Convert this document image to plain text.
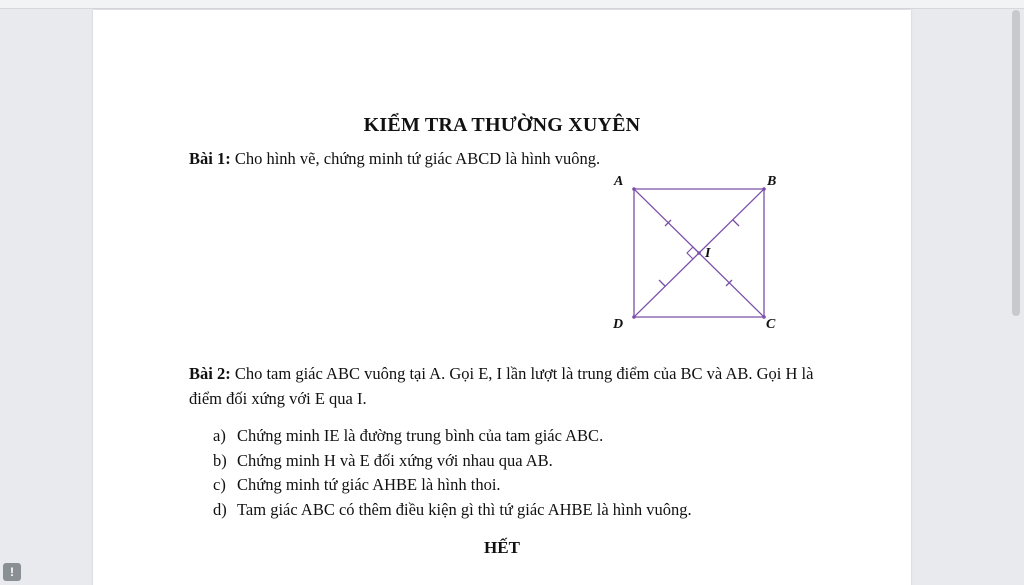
KIỂM TRA THƯỜNG XUYÊN
Bài 1: Cho hình vẽ, chứng minh tứ giác ABCD là hình vuông.
A	B
C
D
I
Bài 2: Cho tam giác ABC vuông tại A. Gọi E, I lần lượt là trung điểm của BC và AB. Gọi H là điểm đối xứng với E qua I.
a) Chứng minh IE là đường trung bình của tam giác ABC.
b) Chứng minh H và E đối xứng với nhau qua AB.
c) Chứng minh tứ giác AHBE là hình thoi.
d) Tam giác ABC có thêm điều kiện gì thì tứ giác AHBE là hình vuông.
HẾT
!
